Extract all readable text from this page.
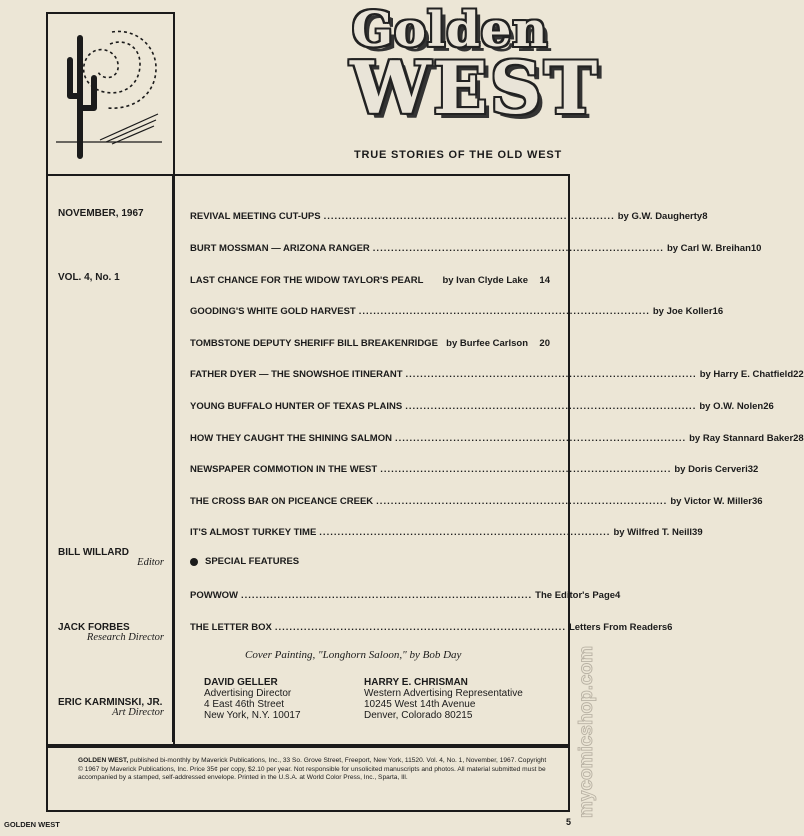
Golden
WEST
TRUE STORIES OF THE OLD WEST
NOVEMBER, 1967
VOL. 4, No. 1
BILL WILLARD
Editor
JACK FORBES
Research Director
ERIC KARMINSKI, JR.
Art Director
REVIVAL MEETING CUT-UPS ................................................................................ by G.W. Daugherty 8
BURT MOSSMAN — ARIZONA RANGER ................................................................................ by Carl W. Breihan 10
LAST CHANCE FOR THE WIDOW TAYLOR'S PEARL by Ivan Clyde Lake	14
GOODING'S WHITE GOLD HARVEST ................................................................................ by Joe Koller 16
TOMBSTONE DEPUTY SHERIFF BILL BREAKENRIDGE by Burfee Carlson	20
FATHER DYER — THE SNOWSHOE ITINERANT ................................................................................ by Harry E. Chatfield 22
YOUNG BUFFALO HUNTER OF TEXAS PLAINS ................................................................................ by O.W. Nolen 26
HOW THEY CAUGHT THE SHINING SALMON ................................................................................ by Ray Stannard Baker 28
NEWSPAPER COMMOTION IN THE WEST ................................................................................ by Doris Cerveri 32
THE CROSS BAR ON PICEANCE CREEK ................................................................................ by Victor W. Miller 36
IT'S ALMOST TURKEY TIME ................................................................................ by Wilfred T. Neill 39
POWWOW ................................................................................ The Editor's Page 4
THE LETTER BOX ................................................................................ Letters From Readers 6
SPECIAL FEATURES
Cover Painting, "Longhorn Saloon," by Bob Day
DAVID GELLER
Advertising Director
4 East 46th Street
New York, N.Y. 10017
HARRY E. CHRISMAN
Western Advertising Representative
10245 West 14th Avenue
Denver, Colorado 80215
GOLDEN WEST, published bi-monthly by Maverick Publications, Inc., 33 So. Grove Street, Freeport, New York, 11520. Vol. 4, No. 1, November, 1967. Copyright © 1967 by Maverick Publications, Inc. Price 35¢ per copy, $2.10 per year. Not responsible for unsolicited manuscripts and photos. All material submitted must be accompanied by a stamped, self-addressed envelope. Printed in the U.S.A. at World Color Press, Inc., Sparta, Ill.
GOLDEN WEST	5
mycomicshop.com
